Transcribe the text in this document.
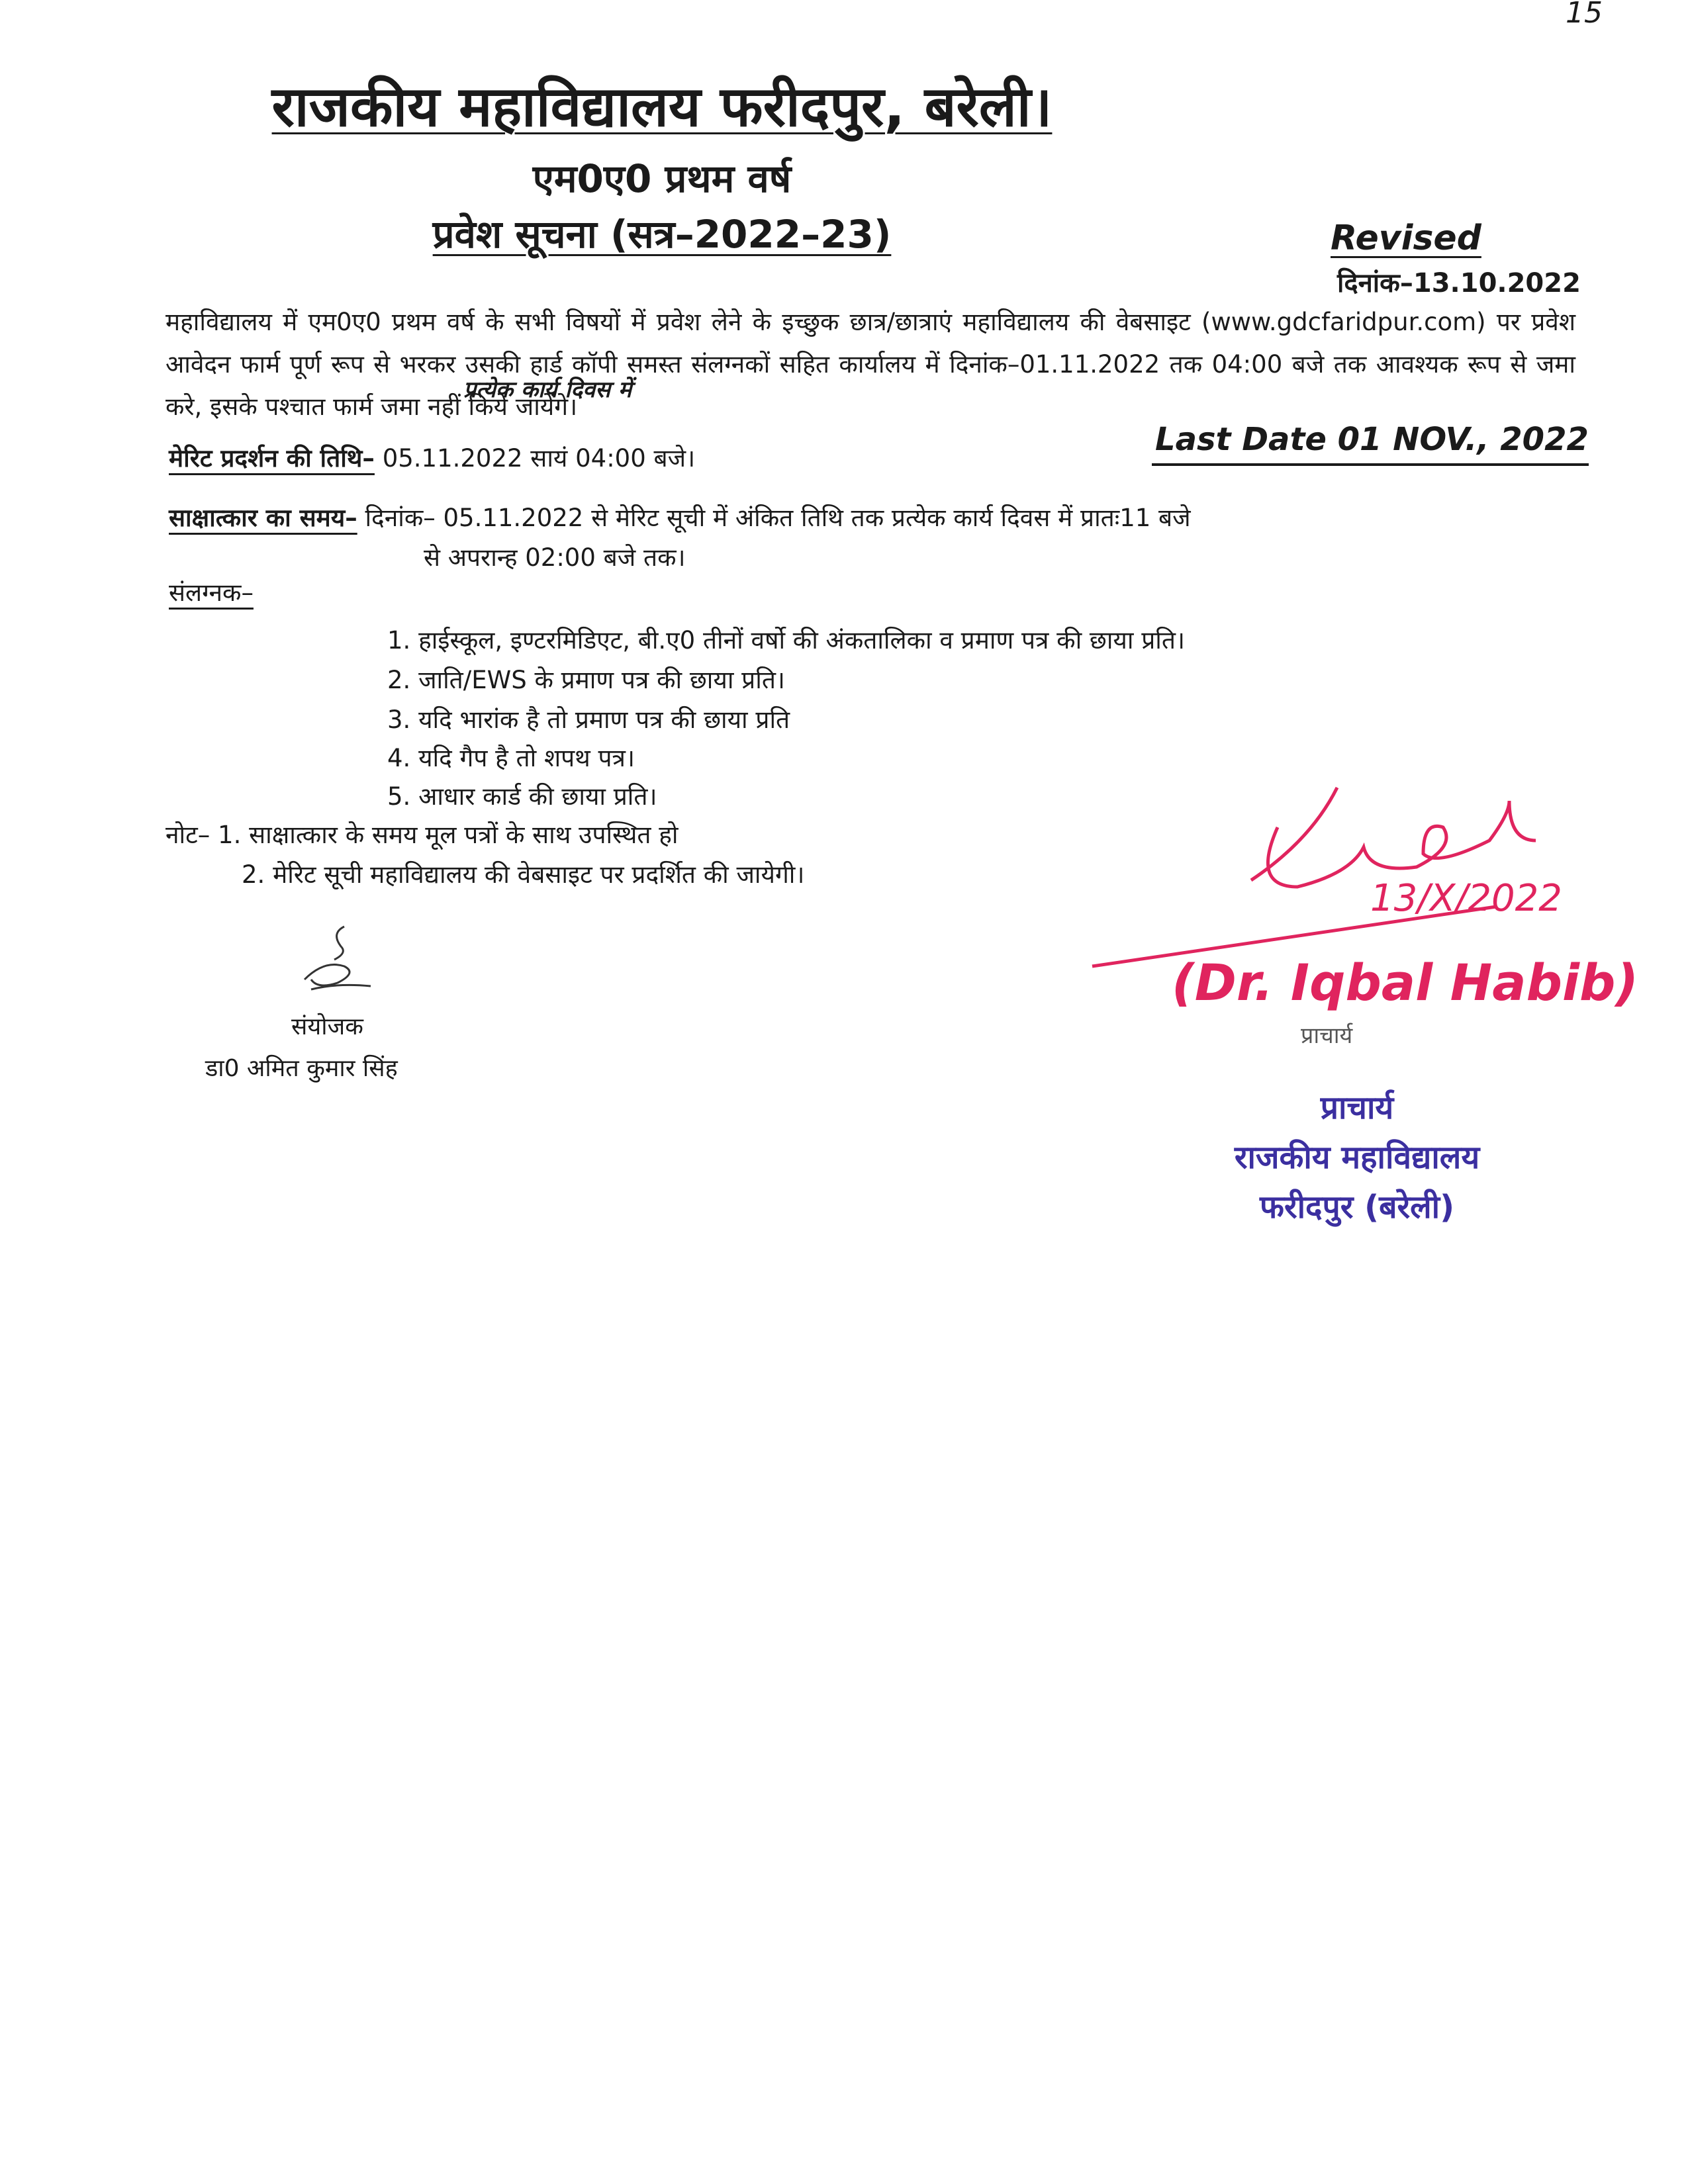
15
राजकीय महाविद्यालय फरीदपुर, बरेली।
एम0ए0 प्रथम वर्ष
प्रवेश सूचना (सत्र–2022–23)	Revised
दिनांक–13.10.2022
महाविद्यालय में एम0ए0 प्रथम वर्ष के सभी विषयों में प्रवेश लेने के इच्छुक छात्र/छात्राएं महाविद्यालय की वेबसाइट (www.gdcfaridpur.com) पर प्रवेश आवेदन फार्म पूर्ण रूप से भरकर उसकी हार्ड कॉपी समस्त संलग्नकों सहित कार्यालय में दिनांक–01.11.2022 तक 04:00 बजे तक आवश्यक रूप से जमा करे, इसके पश्चात फार्म जमा नहीं किये जायेंगे।
प्रत्येक कार्य दिवस में
Last Date 01 NOV., 2022
मेरिट प्रदर्शन की तिथि– 05.11.2022 सायं 04:00 बजे।
साक्षात्कार का समय– दिनांक– 05.11.2022 से मेरिट सूची में अंकित तिथि तक प्रत्येक कार्य दिवस में प्रातः11 बजे
से अपरान्ह 02:00 बजे तक।
संलग्नक–
1. हाईस्कूल, इण्टरमिडिएट, बी.ए0 तीनों वर्षो की अंकतालिका व प्रमाण पत्र की छाया प्रति।
2. जाति/EWS के प्रमाण पत्र की छाया प्रति।
3. यदि भारांक है तो प्रमाण पत्र की छाया प्रति
4. यदि गैप है तो शपथ पत्र।
5. आधार कार्ड की छाया प्रति।
नोट– 1. साक्षात्कार के समय मूल पत्रों के साथ उपस्थित हो
2. मेरिट सूची महाविद्यालय की वेबसाइट पर प्रदर्शित की जायेगी।
संयोजक
डा0 अमित कुमार सिंह
13/X/2022
(Dr. Iqbal Habib)
प्राचार्य
प्राचार्य
राजकीय महाविद्यालय
फरीदपुर (बरेली)
